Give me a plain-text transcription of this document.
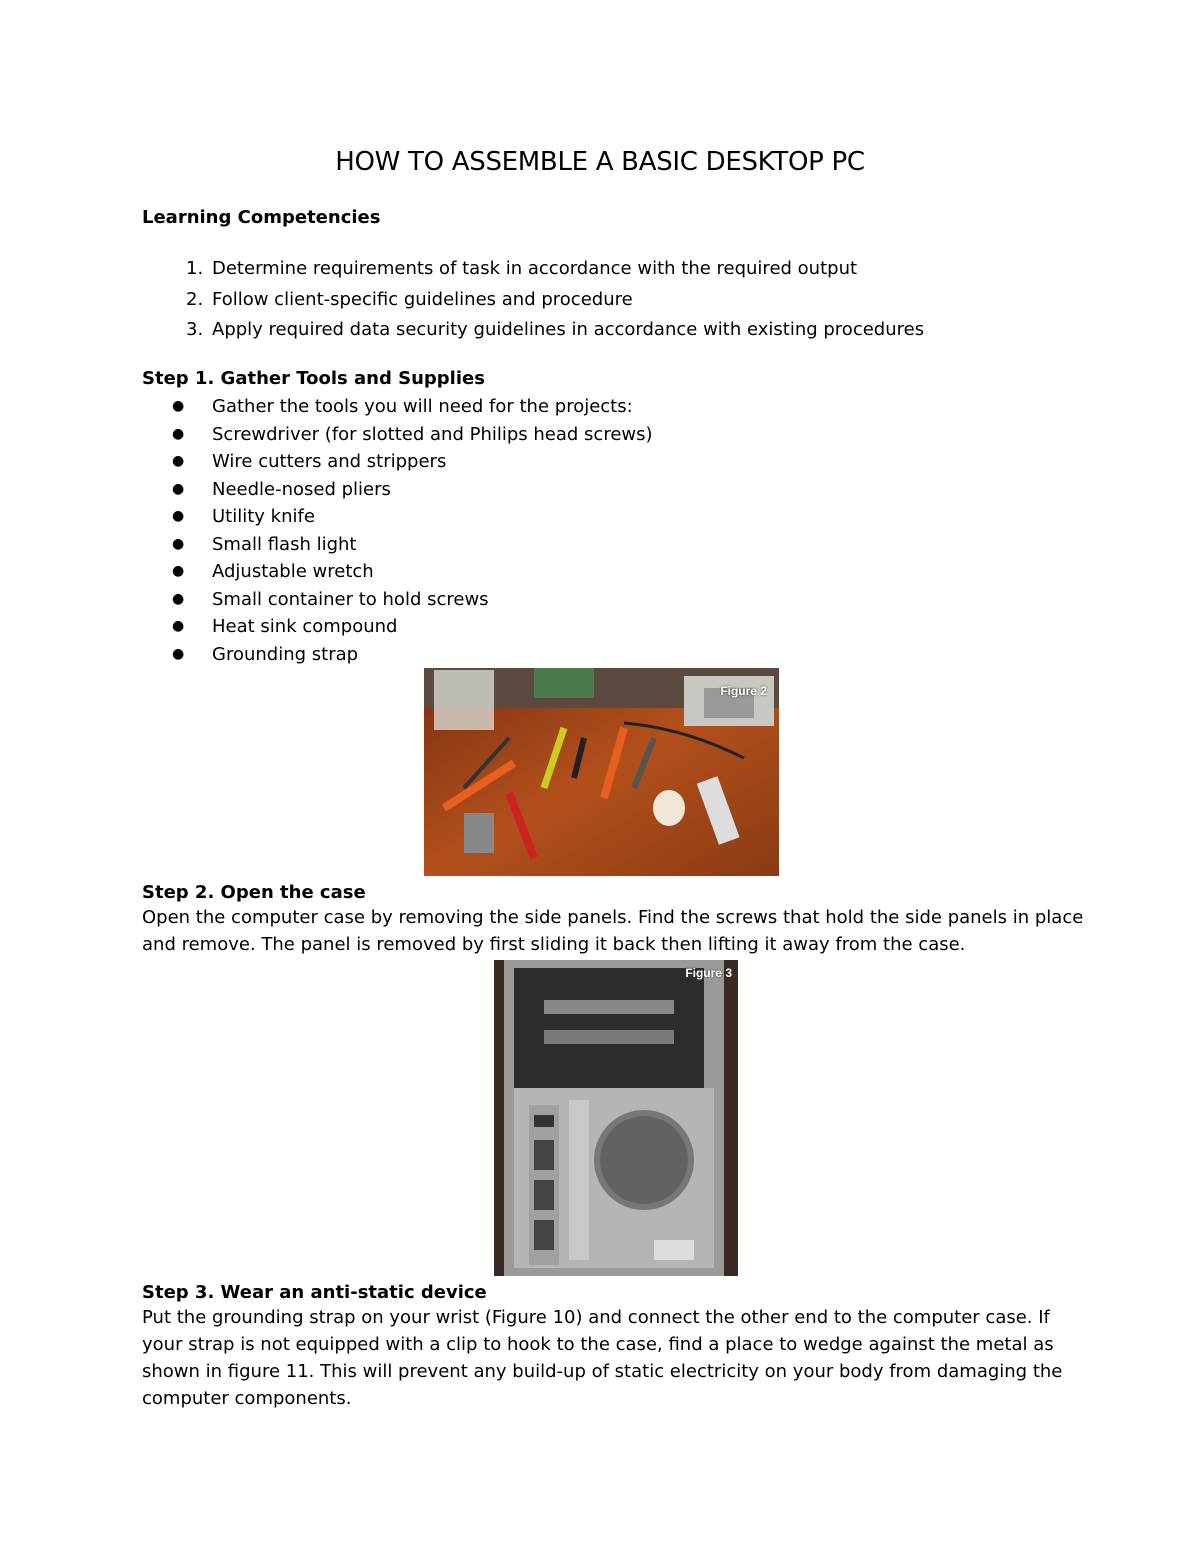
HOW TO ASSEMBLE A BASIC DESKTOP PC
Learning Competencies
1. Determine requirements of task in accordance with the required output
2. Follow client-specific guidelines and procedure
3. Apply required data security guidelines in accordance with existing procedures
Step 1. Gather Tools and Supplies
●	Gather the tools you will need for the projects:
●	Screwdriver (for slotted and Philips head screws)
●	Wire cutters and strippers
●	Needle-nosed pliers
●	Utility knife
●	Small flash light
●	Adjustable wretch
●	Small container to hold screws
●	Heat sink compound
●	Grounding strap
Figure 2
Step 2. Open the case
Open the computer case by removing the side panels. Find the screws that hold the side panels in place
and remove. The panel is removed by first sliding it back then lifting it away from the case.
Figure 3
Step 3. Wear an anti-static device
Put the grounding strap on your wrist (Figure 10) and connect the other end to the computer case. If
your strap is not equipped with a clip to hook to the case, find a place to wedge against the metal as
shown in figure 11. This will prevent any build-up of static electricity on your body from damaging the
computer components.
